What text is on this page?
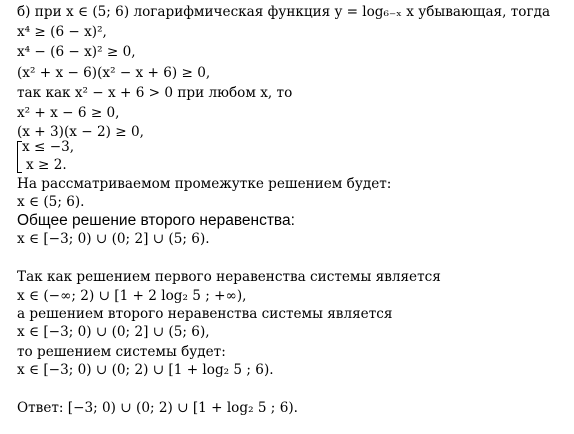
б) при x ∈ (5; 6) логарифмическая функция y = log₆₋ₓ x убывающая, тогда
x⁴ ≥ (6 − x)²,
x⁴ − (6 − x)² ≥ 0,
(x² + x − 6)(x² − x + 6) ≥ 0,
так как x² − x + 6 > 0 при любом x, то
x² + x − 6 ≥ 0,
(x + 3)(x − 2) ≥ 0,
x ≤ −3,
x ≥ 2.
На рассматриваемом промежутке решением будет:
x ∈ (5; 6).
Общее решение второго неравенства:
x ∈ [−3; 0) ∪ (0; 2] ∪ (5; 6).
Так как решением первого неравенства системы является
x ∈ (−∞; 2) ∪ [1 + 2 log₂ 5 ; +∞),
а решением второго неравенства системы является
x ∈ [−3; 0) ∪ (0; 2] ∪ (5; 6),
то решением системы будет:
x ∈ [−3; 0) ∪ (0; 2) ∪ [1 + log₂ 5 ; 6).
Ответ: [−3; 0) ∪ (0; 2) ∪ [1 + log₂ 5 ; 6).
